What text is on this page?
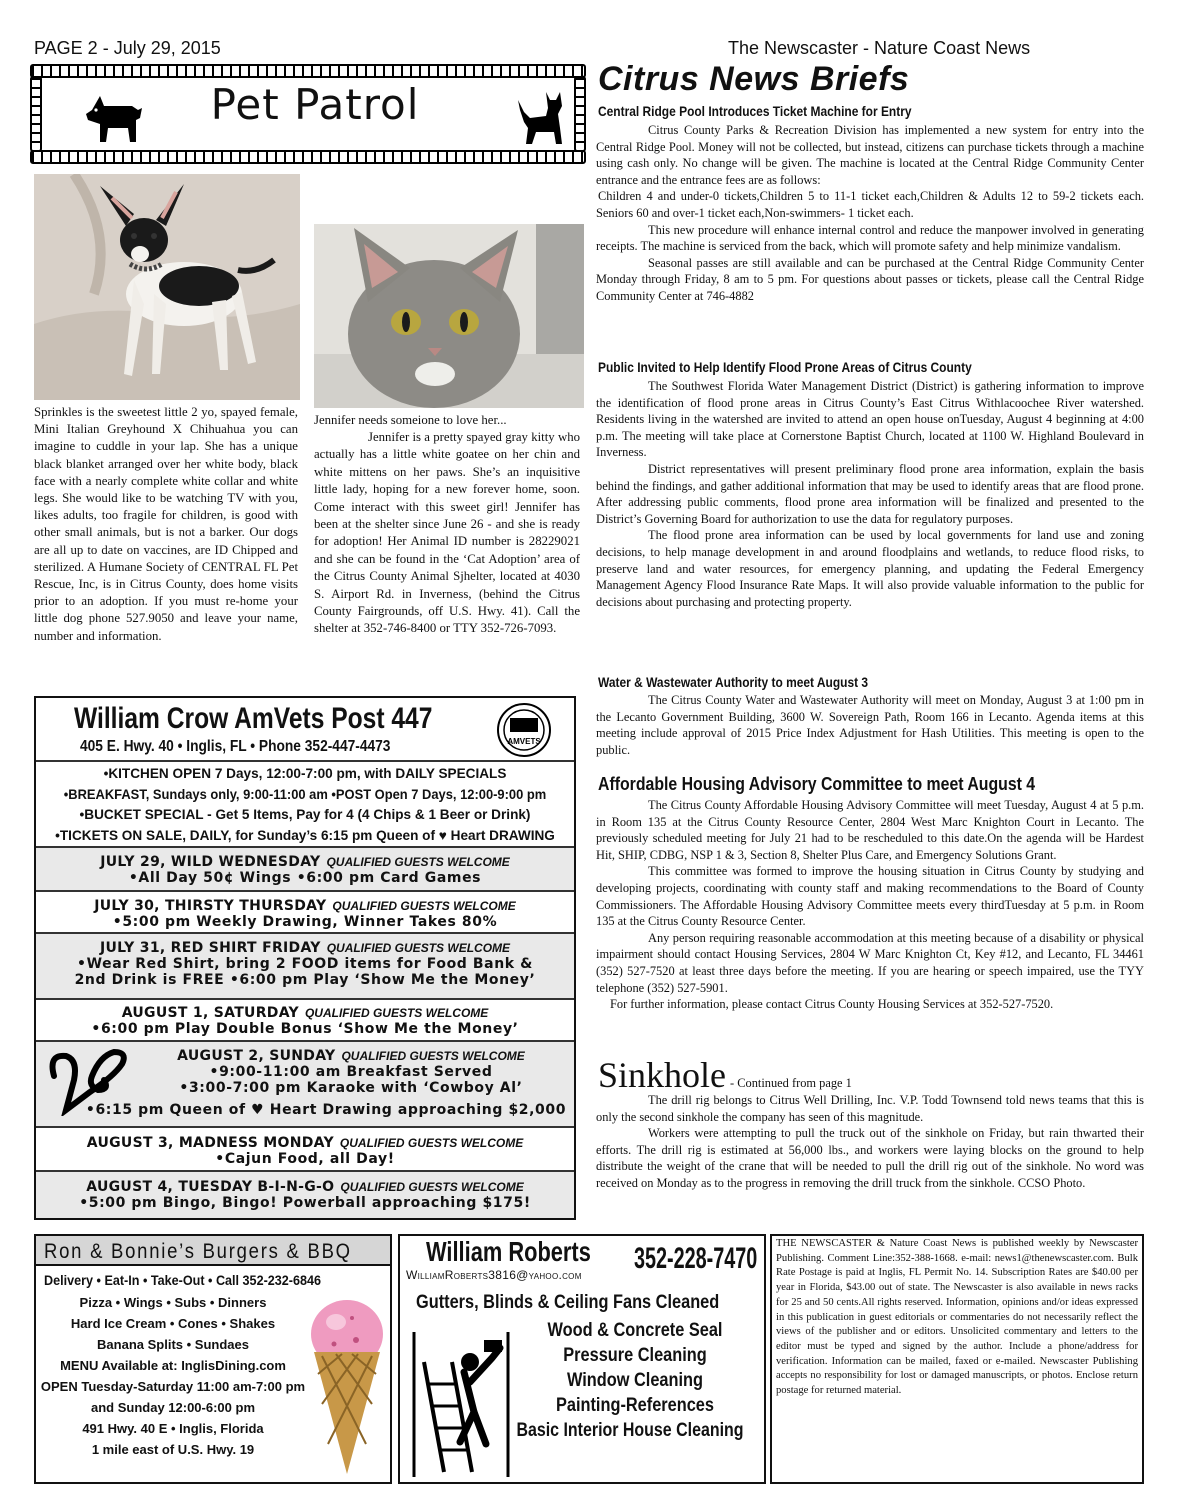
PAGE 2 - July 29, 2015	The Newscaster - Nature Coast News
Pet Patrol
Sprinkles is the sweetest little 2 yo, spayed female, Mini Italian Greyhound X Chihuahua you can imagine to cuddle in your lap. She has a unique black blanket arranged over her white body, black face with a nearly complete white collar and white legs. She would like to be watching TV with you, likes adults, too fragile for children, is good with other small animals, but is not a barker. Our dogs are all up to date on vaccines, are ID Chipped and sterilized. A Humane Society of CENTRAL FL Pet Rescue, Inc, is in Citrus County, does home visits prior to an adoption. If you must re-home your little dog phone 527.9050 and leave your name, number and information.
Jennifer needs someione to love her...
Jennifer is a pretty spayed gray kitty who actually has a little white goatee on her chin and white mittens on her paws. She’s an inquisitive little lady, hoping for a new forever home, soon. Come interact with this sweet girl! Jennifer has been at the shelter since June 26 - and she is ready for adoption! Her Animal ID number is 28229021 and she can be found in the ‘Cat Adoption’ area of the Citrus County Animal Sjhelter, located at 4030 S. Airport Rd. in Inverness, (behind the Citrus County Fairgrounds, off U.S. Hwy. 41). Call the shelter at 352-746-8400 or TTY 352-726-7093.
William Crow AmVets Post 447
405 E. Hwy. 40 • Inglis, FL • Phone 352-447-4473	AMVETS
•KITCHEN OPEN 7 Days, 12:00-7:00 pm, with DAILY SPECIALS
•BREAKFAST, Sundays only, 9:00-11:00 am •POST Open 7 Days, 12:00-9:00 pm
•BUCKET SPECIAL - Get 5 Items, Pay for 4 (4 Chips & 1 Beer or Drink)
•TICKETS ON SALE, DAILY, for Sunday’s 6:15 pm Queen of ♥ Heart DRAWING
JULY 29, WILD WEDNESDAY QUALIFIED GUESTS WELCOME
•All Day 50¢ Wings •6:00 pm Card Games
JULY 30, THIRSTY THURSDAY QUALIFIED GUESTS WELCOME
•5:00 pm Weekly Drawing, Winner Takes 80%
JULY 31, RED SHIRT FRIDAY QUALIFIED GUESTS WELCOME
•Wear Red Shirt, bring 2 FOOD items for Food Bank &
2nd Drink is FREE •6:00 pm Play ‘Show Me the Money’
AUGUST 1, SATURDAY QUALIFIED GUESTS WELCOME
•6:00 pm Play Double Bonus ‘Show Me the Money’
AUGUST 2, SUNDAY QUALIFIED GUESTS WELCOME
•9:00-11:00 am Breakfast Served
•3:00-7:00 pm Karaoke with ‘Cowboy Al’
•6:15 pm Queen of ♥ Heart Drawing approaching $2,000
AUGUST 3, MADNESS MONDAY QUALIFIED GUESTS WELCOME
•Cajun Food, all Day!
AUGUST 4, TUESDAY B-I-N-G-O QUALIFIED GUESTS WELCOME
•5:00 pm Bingo, Bingo! Powerball approaching $175!
Citrus News Briefs
Central Ridge Pool Introduces Ticket Machine for Entry

Citrus County Parks & Recreation Division has implemented a new system for entry into the Central Ridge Pool. Money will not be collected, but instead, citizens can purchase tickets through a machine using cash only. No change will be given. The machine is located at the Central Ridge Community Center entrance and the entrance fees are as follows:

Children 4 and under-0 tickets,Children 5 to 11-1 ticket each,Children & Adults 12 to 59-2 tickets each. Seniors 60 and over-1 ticket each,Non-swimmers- 1 ticket each.

This new procedure will enhance internal control and reduce the manpower involved in generating receipts. The machine is serviced from the back, which will promote safety and help minimize vandalism.

Seasonal passes are still available and can be purchased at the Central Ridge Community Center Monday through Friday, 8 am to 5 pm. For questions about passes or tickets, please call the Central Ridge Community Center at 746-4882

Public Invited to Help Identify Flood Prone Areas of Citrus County

The Southwest Florida Water Management District (District) is gathering information to improve the identification of flood prone areas in Citrus County’s East Citrus Withlacoochee River watershed. Residents living in the watershed are invited to attend an open house onTuesday, August 4 beginning at 4:00 p.m. The meeting will take place at Cornerstone Baptist Church, located at 1100 W. Highland Boulevard in Inverness.

District representatives will present preliminary flood prone area information, explain the basis behind the findings, and gather additional information that may be used to identify areas that are flood prone. After addressing public comments, flood prone area information will be finalized and presented to the District’s Governing Board for authorization to use the data for regulatory purposes.

The flood prone area information can be used by local governments for land use and zoning decisions, to help manage development in and around floodplains and wetlands, to reduce flood risks, to preserve land and water resources, for emergency planning, and updating the Federal Emergency Management Agency Flood Insurance Rate Maps. It will also provide valuable information to the public for decisions about purchasing and protecting property.

Water & Wastewater Authority to meet August 3

The Citrus County Water and Wastewater Authority will meet on Monday, August 3 at 1:00 pm in the Lecanto Government Building, 3600 W. Sovereign Path, Room 166 in Lecanto. Agenda items at this meeting include approval of 2015 Price Index Adjustment for Hash Utilities. This meeting is open to the public.

Affordable Housing Advisory Committee to meet August 4

The Citrus County Affordable Housing Advisory Committee will meet Tuesday, August 4 at 5 p.m. in Room 135 at the Citrus County Resource Center, 2804 West Marc Knighton Court in Lecanto. The previously scheduled meeting for July 21 had to be rescheduled to this date.On the agenda will be Hardest Hit, SHIP, CDBG, NSP 1 & 3, Section 8, Shelter Plus Care, and Emergency Solutions Grant.

This committee was formed to improve the housing situation in Citrus County by studying and developing projects, coordinating with county staff and making recommendations to the Board of County Commissioners. The Affordable Housing Advisory Committee meets every thirdTuesday at 5 p.m. in Room 135 at the Citrus County Resource Center.

Any person requiring reasonable accommodation at this meeting because of a disability or physical impairment should contact Housing Services, 2804 W Marc Knighton Ct, Key #12, and Lecanto, FL 34461 (352) 527-7520 at least three days before the meeting. If you are hearing or speech impaired, use the TYY telephone (352) 527-5901.

For further information, please contact Citrus County Housing Services at 352-527-7520.

Sinkhole - Continued from page 1

The drill rig belongs to Citrus Well Drilling, Inc. V.P. Todd Townsend told news teams that this is only the second sinkhole the company has seen of this magnitude.

Workers were attempting to pull the truck out of the sinkhole on Friday, but rain thwarted their efforts. The drill rig is estimated at 56,000 lbs., and workers were laying blocks on the ground to help distribute the weight of the crane that will be needed to pull the drill rig out of the sinkhole. No word was received on Monday as to the progress in removing the drill truck from the sinkhole. CCSO Photo.

Ron & Bonnie’s Burgers & BBQ
Delivery • Eat-In • Take-Out • Call 352-232-6846
Pizza • Wings • Subs • Dinners
Hard Ice Cream • Cones • Shakes
Banana Splits • Sundaes
MENU Available at: InglisDining.com
OPEN Tuesday-Saturday 11:00 am-7:00 pm
and Sunday 12:00-6:00 pm
491 Hwy. 40 E • Inglis, Florida
1 mile east of U.S. Hwy. 19
William Roberts 352-228-7470
WilliamRoberts3816@yahoo.com
Gutters, Blinds & Ceiling Fans Cleaned
Wood & Concrete Seal
Pressure Cleaning
Window Cleaning
Painting-References
Basic Interior House Cleaning

THE NEWSCASTER & Nature Coast News is published weekly by Newscaster Publishing. Comment Line:352-388-1668. e-mail: news1@thenewscaster.com. Bulk Rate Postage is paid at Inglis, FL Permit No. 14. Subscription Rates are $40.00 per year in Florida, $43.00 out of state. The Newscaster is also available in news racks for 25 and 50 cents.All rights reserved. Information, opinions and/or ideas expressed in this publication in guest editorials or commentaries do not necessarily reflect the views of the publisher and or editors. Unsolicited commentary and letters to the editor must be typed and signed by the author. Include a phone/address for verification. Information can be mailed, faxed or e-mailed. Newscaster Publishing accepts no responsibility for lost or damaged manuscripts, or photos. Enclose return postage for returned material.
